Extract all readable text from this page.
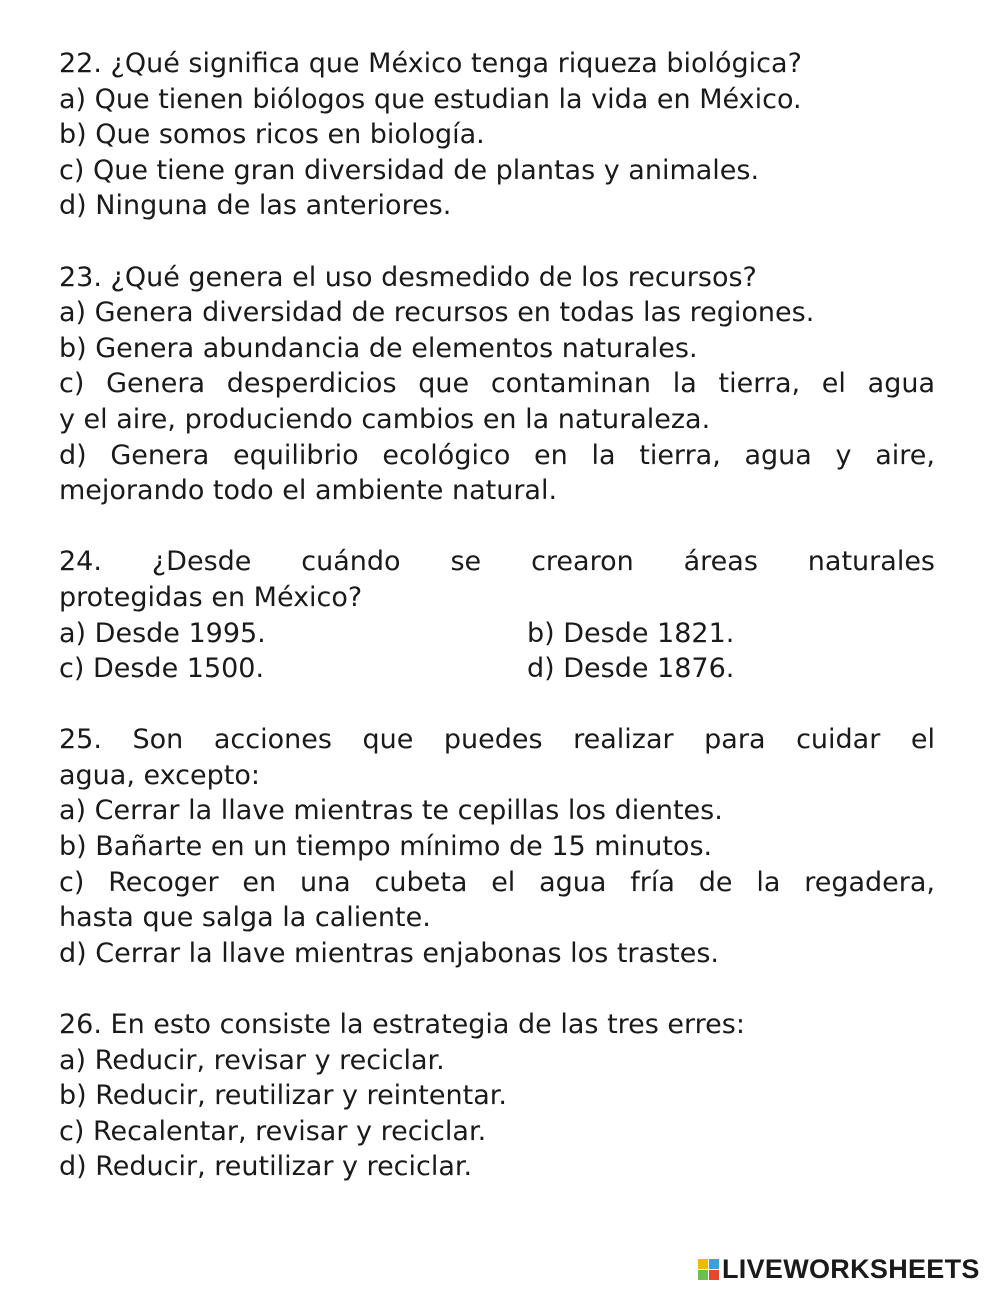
22. ¿Qué significa que México tenga riqueza biológica?
a) Que tienen biólogos que estudian la vida en México.
b) Que somos ricos en biología.
c) Que tiene gran diversidad de plantas y animales.
d) Ninguna de las anteriores.
23. ¿Qué genera el uso desmedido de los recursos?
a) Genera diversidad de recursos en todas las regiones.
b) Genera abundancia de elementos naturales.
c) Genera desperdicios que contaminan la tierra, el agua
y el aire, produciendo cambios en la naturaleza.
d) Genera equilibrio ecológico en la tierra, agua y aire,
mejorando todo el ambiente natural.
24. ¿Desde cuándo se crearon áreas naturales
protegidas en México?
a) Desde 1995.	b) Desde 1821.
c) Desde 1500.	d) Desde 1876.
25. Son acciones que puedes realizar para cuidar el
agua, excepto:
a) Cerrar la llave mientras te cepillas los dientes.
b) Bañarte en un tiempo mínimo de 15 minutos.
c) Recoger en una cubeta el agua fría de la regadera,
hasta que salga la caliente.
d) Cerrar la llave mientras enjabonas los trastes.
26. En esto consiste la estrategia de las tres erres:
a) Reducir, revisar y reciclar.
b) Reducir, reutilizar y reintentar.
c) Recalentar, revisar y reciclar.
d) Reducir, reutilizar y reciclar.
LIVEWORKSHEETS
